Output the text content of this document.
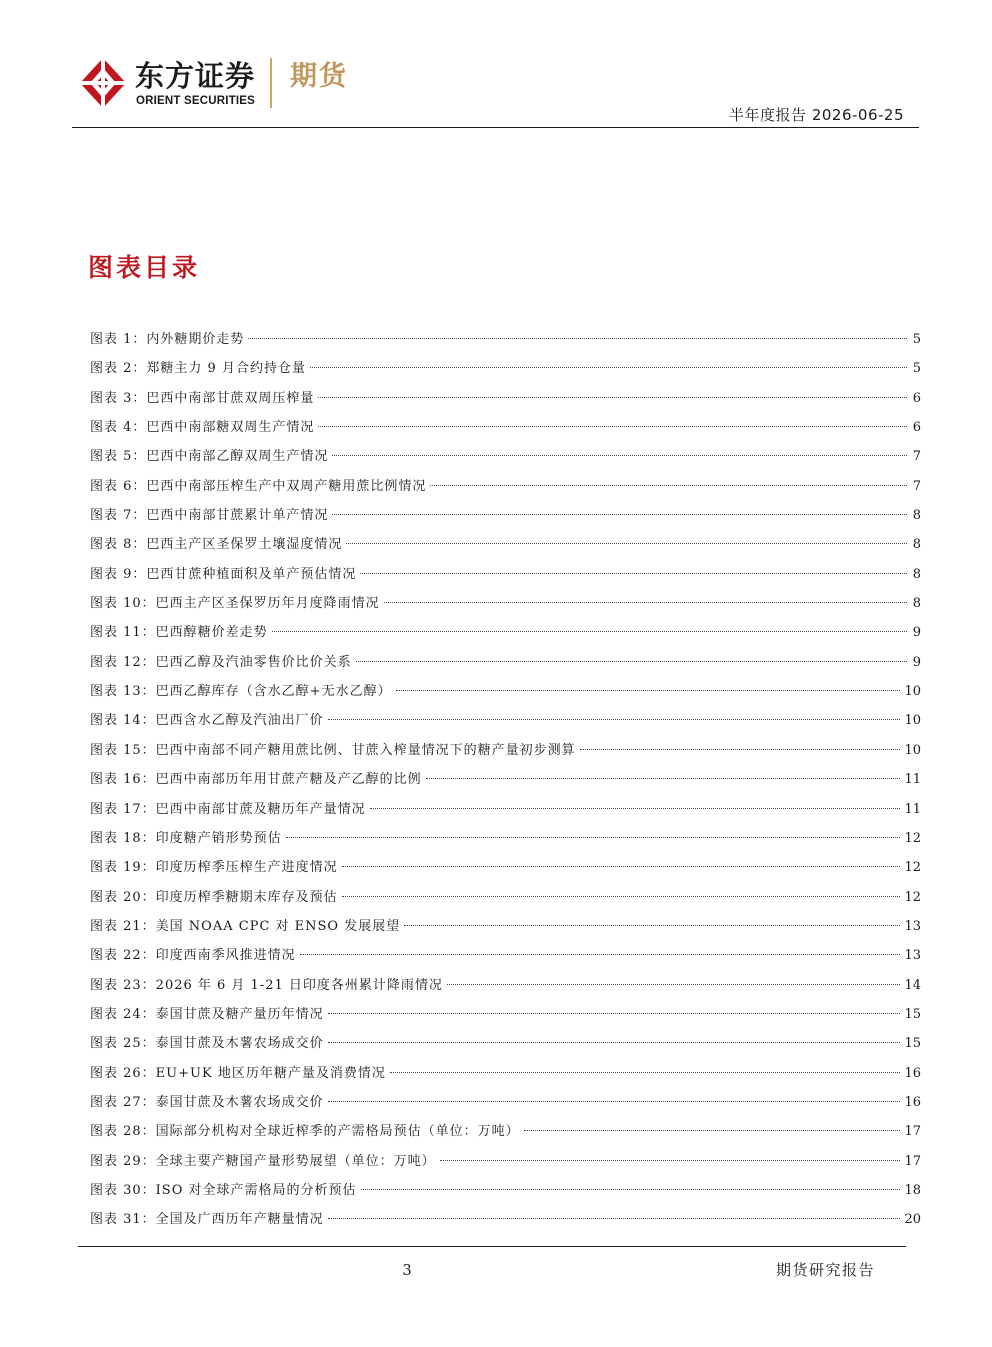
东方证券
ORIENT SECURITIES
期货
半年度报告 2026-06-25
图表目录
图表 1：内外糖期价走势	5
图表 2：郑糖主力 9 月合约持仓量	5
图表 3：巴西中南部甘蔗双周压榨量	6
图表 4：巴西中南部糖双周生产情况	6
图表 5：巴西中南部乙醇双周生产情况	7
图表 6：巴西中南部压榨生产中双周产糖用蔗比例情况	7
图表 7：巴西中南部甘蔗累计单产情况	8
图表 8：巴西主产区圣保罗土壤湿度情况	8
图表 9：巴西甘蔗种植面积及单产预估情况	8
图表 10：巴西主产区圣保罗历年月度降雨情况	8
图表 11：巴西醇糖价差走势	9
图表 12：巴西乙醇及汽油零售价比价关系	9
图表 13：巴西乙醇库存（含水乙醇+无水乙醇）	10
图表 14：巴西含水乙醇及汽油出厂价	10
图表 15：巴西中南部不同产糖用蔗比例、甘蔗入榨量情况下的糖产量初步测算	10
图表 16：巴西中南部历年用甘蔗产糖及产乙醇的比例	11
图表 17：巴西中南部甘蔗及糖历年产量情况	11
图表 18：印度糖产销形势预估	12
图表 19：印度历榨季压榨生产进度情况	12
图表 20：印度历榨季糖期末库存及预估	12
图表 21：美国 NOAA CPC 对 ENSO 发展展望	13
图表 22：印度西南季风推进情况	13
图表 23：2026 年 6 月 1-21 日印度各州累计降雨情况	14
图表 24：泰国甘蔗及糖产量历年情况	15
图表 25：泰国甘蔗及木薯农场成交价	15
图表 26：EU+UK 地区历年糖产量及消费情况	16
图表 27：泰国甘蔗及木薯农场成交价	16
图表 28：国际部分机构对全球近榨季的产需格局预估（单位：万吨）	17
图表 29：全球主要产糖国产量形势展望（单位：万吨）	17
图表 30：ISO 对全球产需格局的分析预估	18
图表 31：全国及广西历年产糖量情况	20
3	期货研究报告
